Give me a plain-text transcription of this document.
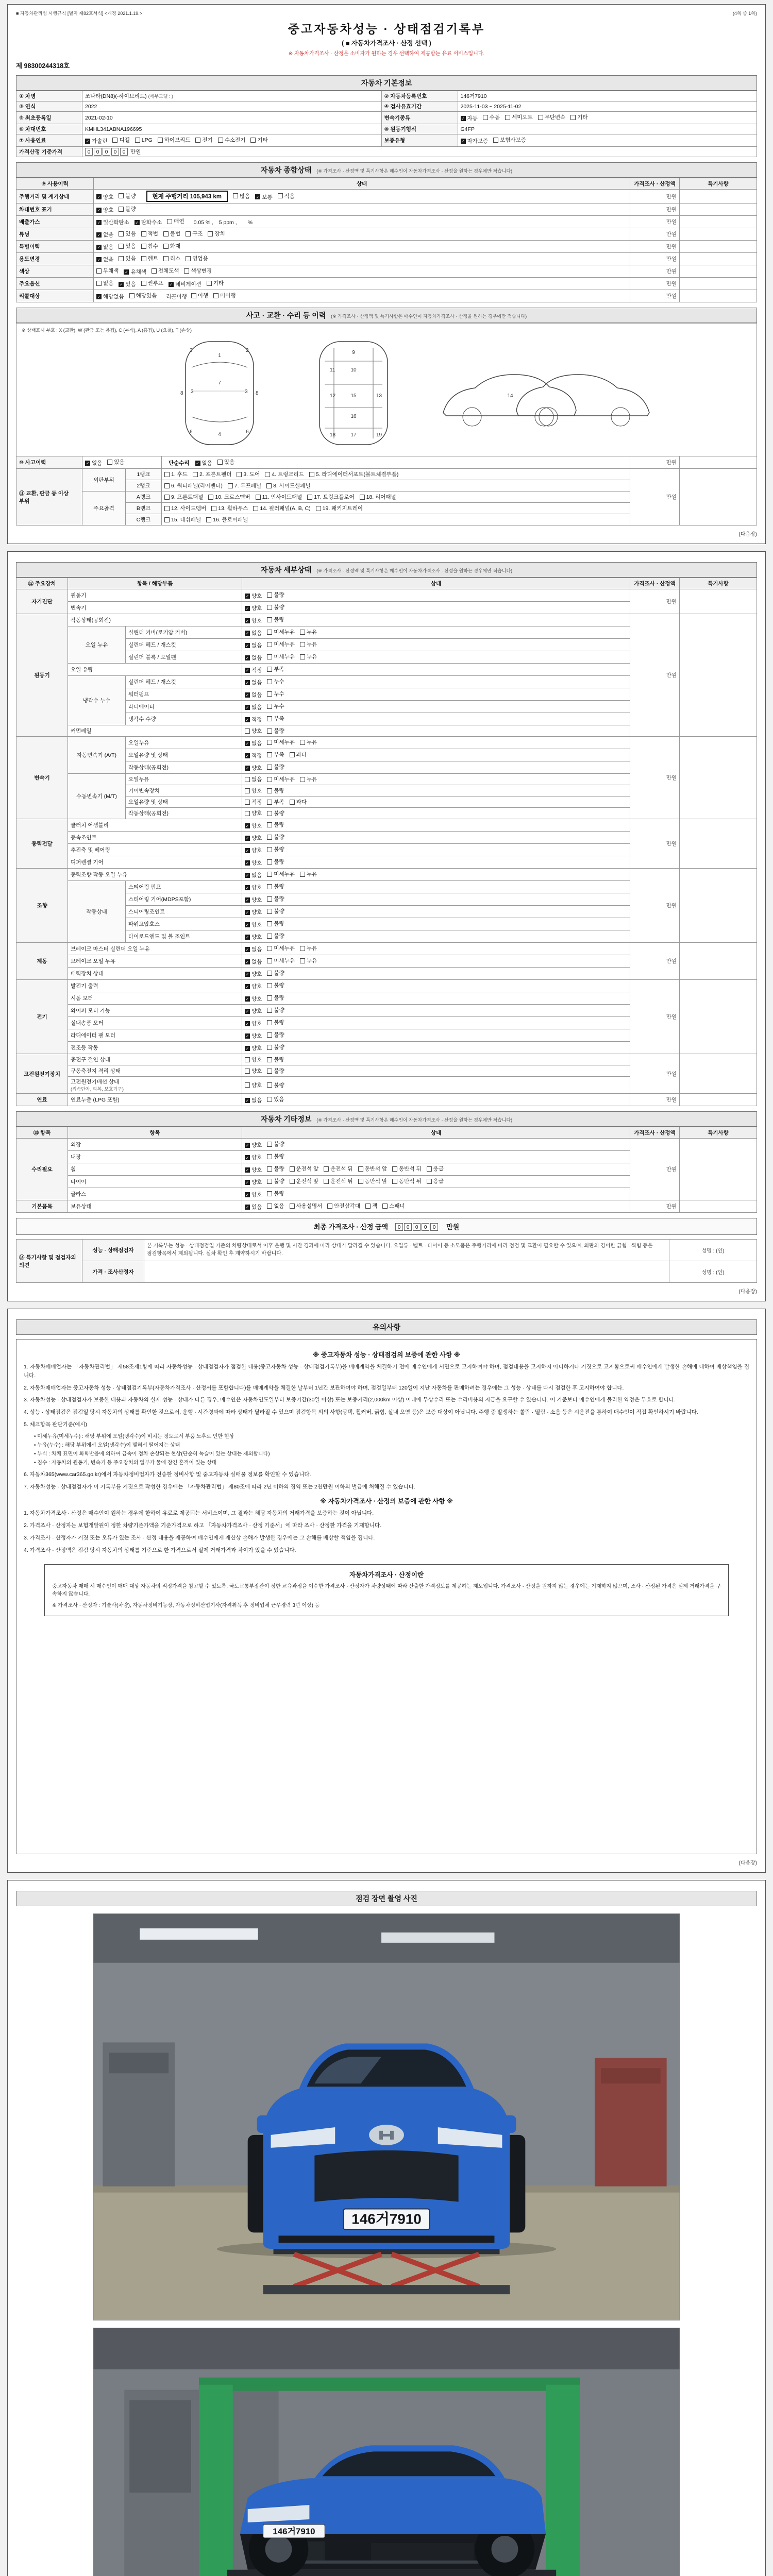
■ 자동차관리법 시행규칙 [별지 제82호서식] <개정 2021.1.19.>	(4쪽 중 1쪽)
중고자동차성능 · 상태점검기록부
( ■ 자동차가격조사 · 산정 선택 )
※ 자동차가격조사 · 산정은 소비자가 원하는 경우 선택하여 제공받는 유료 서비스입니다.
제 98300244318호
자동차 기본정보
① 차명	쏘나타(DN8)(-하이브리드) (세부모델 : )	② 자동차등록번호	146거7910
③ 연식	2022	④ 검사유효기간	2025-11-03 ~ 2025-11-02
⑤ 최초등록일	2021-02-10	변속기종류	✓ 자동 수동 세미오토 무단변속 기타

⑥ 차대번호	KMHL341ABNA196695	⑧ 원동기형식	G4FP
⑦ 사용연료	✓ 가솔린 디젤 LPG 하이브리드 전기 수소전기 기타	보증유형	✓ 자가보증 보험사보증

가격산정 기준가격	0 0 0 0 0 만원		
자동차 종합상태 (※ 가격조사 · 산정액 및 특기사항은 매수인이 자동차가격조사 · 산정을 원하는 경우에만 적습니다)
⑨ 사용이력	상태	가격조사 · 산정액	특기사항
주행거리 및 계기상태	✓ 양호 불량	현재 주행거리 105,943 km	많음 ✓ 보통 적음	만원	
차대번호 표기	✓ 양호 불량	만원	
배출가스	✓ 일산화탄소 ✓ 탄화수소 매연 0.05 % ,　5 ppm ,　　%	만원	
튜닝	✓ 없음 있음 적법 불법 구조 장치	만원	
특별이력	✓ 없음 있음 침수 화재	만원	
용도변경	✓ 없음 있음 렌트 리스 영업용	만원	
색상	무채색 ✓ 유채색 전체도색 색상변경	만원	
주요옵션	없음 ✓ 있음 썬루프 ✓ 네비게이션 기타	만원	
리콜대상	✓ 해당없음 해당있음 리콜이행 이행 미이행	만원	
사고 · 교환 · 수리 등 이력 (※ 가격조사 · 산정액 및 특기사항은 매수인이 자동차가격조사 · 산정을 원하는 경우에만 적습니다)
※ 상태표시 부호 : X (교환), W (판금 또는 용접), C (부식), A (흠집), U (요철), T (손상)
1
7
4
3	3
2	2
6	6
8	8
9
10
11
12	13
15
16
17
18	19
14

⑩ 사고이력	✓ 없음 있음		단순수리 ✓ 없음 있음	만원	
⑪ 교환, 판금 등 이상 부위	외판부위	1랭크	1. 후드 2. 프론트펜더 3. 도어 4. 트렁크리드 5. 라디에이터서포트(볼트체결부품)	만원	
		2랭크	6. 쿼터패널(리어펜더) 7. 루프패널 8. 사이드실패널		

	주요골격	A랭크	9. 프론트패널 10. 크로스멤버 11. 인사이드패널 17. 트렁크플로어 18. 리어패널		

		B랭크	12. 사이드멤버 13. 휠하우스 14. 필러패널(A, B, C) 19. 패키지트레이		

		C랭크	15. 대쉬패널 16. 플로어패널		
(다음장)
자동차 세부상태 (※ 가격조사 · 산정액 및 특기사항은 매수인이 자동차가격조사 · 산정을 원하는 경우에만 적습니다)
⑫ 주요장치	항목 / 해당부품		상태	가격조사 · 산정액	특기사항
자기진단	원동기		✓ 양호 불량	만원	
	변속기		✓ 양호 불량		

원동기	작동상태(공회전)		✓ 양호 불량	만원	
	오일 누유	실린더 커버(로커암 커버)	✓ 없음 미세누유 누유		

		실린더 헤드 / 개스킷	✓ 없음 미세누유 누유		

		실린더 블록 / 오일팬	✓ 없음 미세누유 누유		

	오일 유량		✓ 적정 부족		

	냉각수 누수	실린더 헤드 / 개스킷	✓ 없음 누수		

		워터펌프	✓ 없음 누수		

		라디에이터	✓ 없음 누수		

		냉각수 수량	✓ 적정 부족		

	커먼레일		양호 불량		

변속기	자동변속기 (A/T)	오일누유	✓ 없음 미세누유 누유	만원	
		오일유량 및 상태	✓ 적정 부족 과다		

		작동상태(공회전)	✓ 양호 불량		

	수동변속기 (M/T)	오일누유	없음 미세누유 누유		

		기어변속장치	양호 불량		

		오일유량 및 상태	적정 부족 과다		

		작동상태(공회전)	양호 불량		

동력전달	클러치 어셈블리		✓ 양호 불량	만원	
	등속조인트		✓ 양호 불량		

	추진축 및 베어링		✓ 양호 불량		

	디퍼렌셜 기어		✓ 양호 불량		

조향	동력조향 작동 오일 누유		✓ 없음 미세누유 누유	만원	
	작동상태	스티어링 펌프	✓ 양호 불량		

		스티어링 기어(MDPS포함)	✓ 양호 불량		

		스티어링조인트	✓ 양호 불량		

		파워고압호스	✓ 양호 불량		

		타이로드엔드 및 볼 조인트	✓ 양호 불량		

제동	브레이크 마스터 실린더 오일 누유		✓ 없음 미세누유 누유	만원	
	브레이크 오일 누유		✓ 없음 미세누유 누유		

	배력장치 상태		✓ 양호 불량		

전기	발전기 출력		✓ 양호 불량	만원	
	시동 모터		✓ 양호 불량		

	와이퍼 모터 기능		✓ 양호 불량		

	실내송풍 모터		✓ 양호 불량		

	라디에이터 팬 모터		✓ 양호 불량		

	전조등 작동		✓ 양호 불량		

고전원전기장치	충전구 절연 상태		양호 불량	만원	
	구동축전지 격리 상태		양호 불량		

	고전원전기배선 상태
(접속단자, 피복, 보호기구)		양호 불량		

연료	연료누출 (LPG 포함)		✓ 없음 있음	만원	
자동차 기타정보 (※ 가격조사 · 산정액 및 특기사항은 매수인이 자동차가격조사 · 산정을 원하는 경우에만 적습니다)
⑬ 항목	항목	상태	가격조사 · 산정액	특기사항
수리필요	외장	✓ 양호 불량	만원	
	내장	✓ 양호 불량		

휠	✓ 양호 불량 운전석 앞 운전석 뒤 동반석 앞 동반석 뒤 응급

타이어	✓ 양호 불량 운전석 앞 운전석 뒤 동반석 앞 동반석 뒤 응급

	글라스	✓ 양호 불량		

기본품목	보유상태	✓ 있음 없음 사용설명서 안전삼각대 잭 스패너	만원	
최종 가격조사 · 산정 금액	0 0 0 0 0	만원
⑭ 특기사항 및 점검자의 의견	성능 · 상태점검자	본 기록부는 성능 · 상태점검일 기준의 차량상태로서 이후 운행 및 시간 경과에 따라 상태가 달라질 수 있습니다. 오일류 · 벨트 · 타이어 등 소모품은 주행거리에 따라 점검 및 교환이 필요할 수 있으며, 외판의 경미한 긁힘 · 찍힘 등은 점검항목에서 제외됩니다. 실차 확인 후 계약하시기 바랍니다.	성명 : (인)
	가격 · 조사산정자		성명 : (인)
(다음장)
유의사항

※ 중고자동차 성능 · 상태점검의 보증에 관한 사항 ※

1. 자동차매매업자는 「자동차관리법」 제58조제1항에 따라 자동차성능 · 상태점검자가 점검한 내용(중고자동차 성능 · 상태점검기록부)을 매매계약을 체결하기 전에 매수인에게 서면으로 고지하여야 하며, 점검내용을 고지하지 아니하거나 거짓으로 고지함으로써 매수인에게 발생한 손해에 대하여 배상책임을 집니다.

2. 자동차매매업자는 중고자동차 성능 · 상태점검기록부(자동차가격조사 · 산정서를 포함합니다)를 매매계약을 체결한 날부터 1년간 보관하여야 하며, 점검일부터 120일이 지난 자동차를 판매하려는 경우에는 그 성능 · 상태를 다시 점검한 후 고지하여야 합니다.

3. 자동차성능 · 상태점검자가 보증한 내용과 자동차의 실제 성능 · 상태가 다른 경우, 매수인은 자동차인도일부터 보증기간(30일 이상) 또는 보증거리(2,000km 이상) 이내에 무상수리 또는 수리비용의 지급을 요구할 수 있습니다. 이 기준보다 매수인에게 불리한 약정은 무효로 합니다.

4. 성능 · 상태점검은 점검일 당시 자동차의 상태를 확인한 것으로서, 운행 · 시간경과에 따라 상태가 달라질 수 있으며 점검항목 외의 사항(광택, 휠커버, 긁힘, 실내 오염 등)은 보증 대상이 아닙니다. 주행 중 발생하는 쏠림 · 떨림 · 소음 등은 시운전을 통하여 매수인이 직접 확인하시기 바랍니다.

5. 체크항목 판단기준(예시)

• 미세누유(미세누수) : 해당 부위에 오일(냉각수)이 비치는 정도로서 부품 노후로 인한 현상

• 누유(누수) : 해당 부위에서 오일(냉각수)이 맺혀서 떨어지는 상태

• 부식 : 차체 표면이 화학반응에 의하여 금속이 점차 손상되는 현상(단순히 녹슬어 있는 상태는 제외합니다)

• 침수 : 자동차의 원동기, 변속기 등 주요장치의 일부가 물에 잠긴 흔적이 있는 상태

6. 자동차365(www.car365.go.kr)에서 자동차정비업자가 전송한 정비사항 및 중고자동차 실매물 정보를 확인할 수 있습니다.

7. 자동차성능 · 상태점검자가 이 기록부를 거짓으로 작성한 경우에는 「자동차관리법」 제80조에 따라 2년 이하의 징역 또는 2천만원 이하의 벌금에 처해질 수 있습니다.

※ 자동차가격조사 · 산정의 보증에 관한 사항 ※

1. 자동차가격조사 · 산정은 매수인이 원하는 경우에 한하여 유료로 제공되는 서비스이며, 그 결과는 해당 자동차의 거래가격을 보증하는 것이 아닙니다.

2. 가격조사 · 산정자는 보험개발원이 정한 차량기준가액을 기준가격으로 하고 「자동차가격조사 · 산정 기준서」에 따라 조사 · 산정한 가격을 기재합니다.

3. 가격조사 · 산정자가 거짓 또는 오류가 있는 조사 · 산정 내용을 제공하여 매수인에게 재산상 손해가 발생한 경우에는 그 손해를 배상할 책임을 집니다.

4. 가격조사 · 산정액은 점검 당시 자동차의 상태를 기준으로 한 가격으로서 실제 거래가격과 차이가 있을 수 있습니다.

자동차가격조사 · 산정이란

중고자동차 매매 시 매수인이 매매 대상 자동차의 적정가격을 참고할 수 있도록, 국토교통부장관이 정한 교육과정을 이수한 가격조사 · 산정자가 차량상태에 따라 산출한 가격정보를 제공하는 제도입니다. 가격조사 · 산정을 원하지 않는 경우에는 기재하지 않으며, 조사 · 산정된 가격은 실제 거래가격을 구속하지 않습니다.

※ 가격조사 · 산정자 : 기술사(차량), 자동차정비기능장, 자동차정비산업기사(자격취득 후 정비업체 근무경력 3년 이상) 등

(다음장)
점검 장면 촬영 사진
146거7910
146거7910
